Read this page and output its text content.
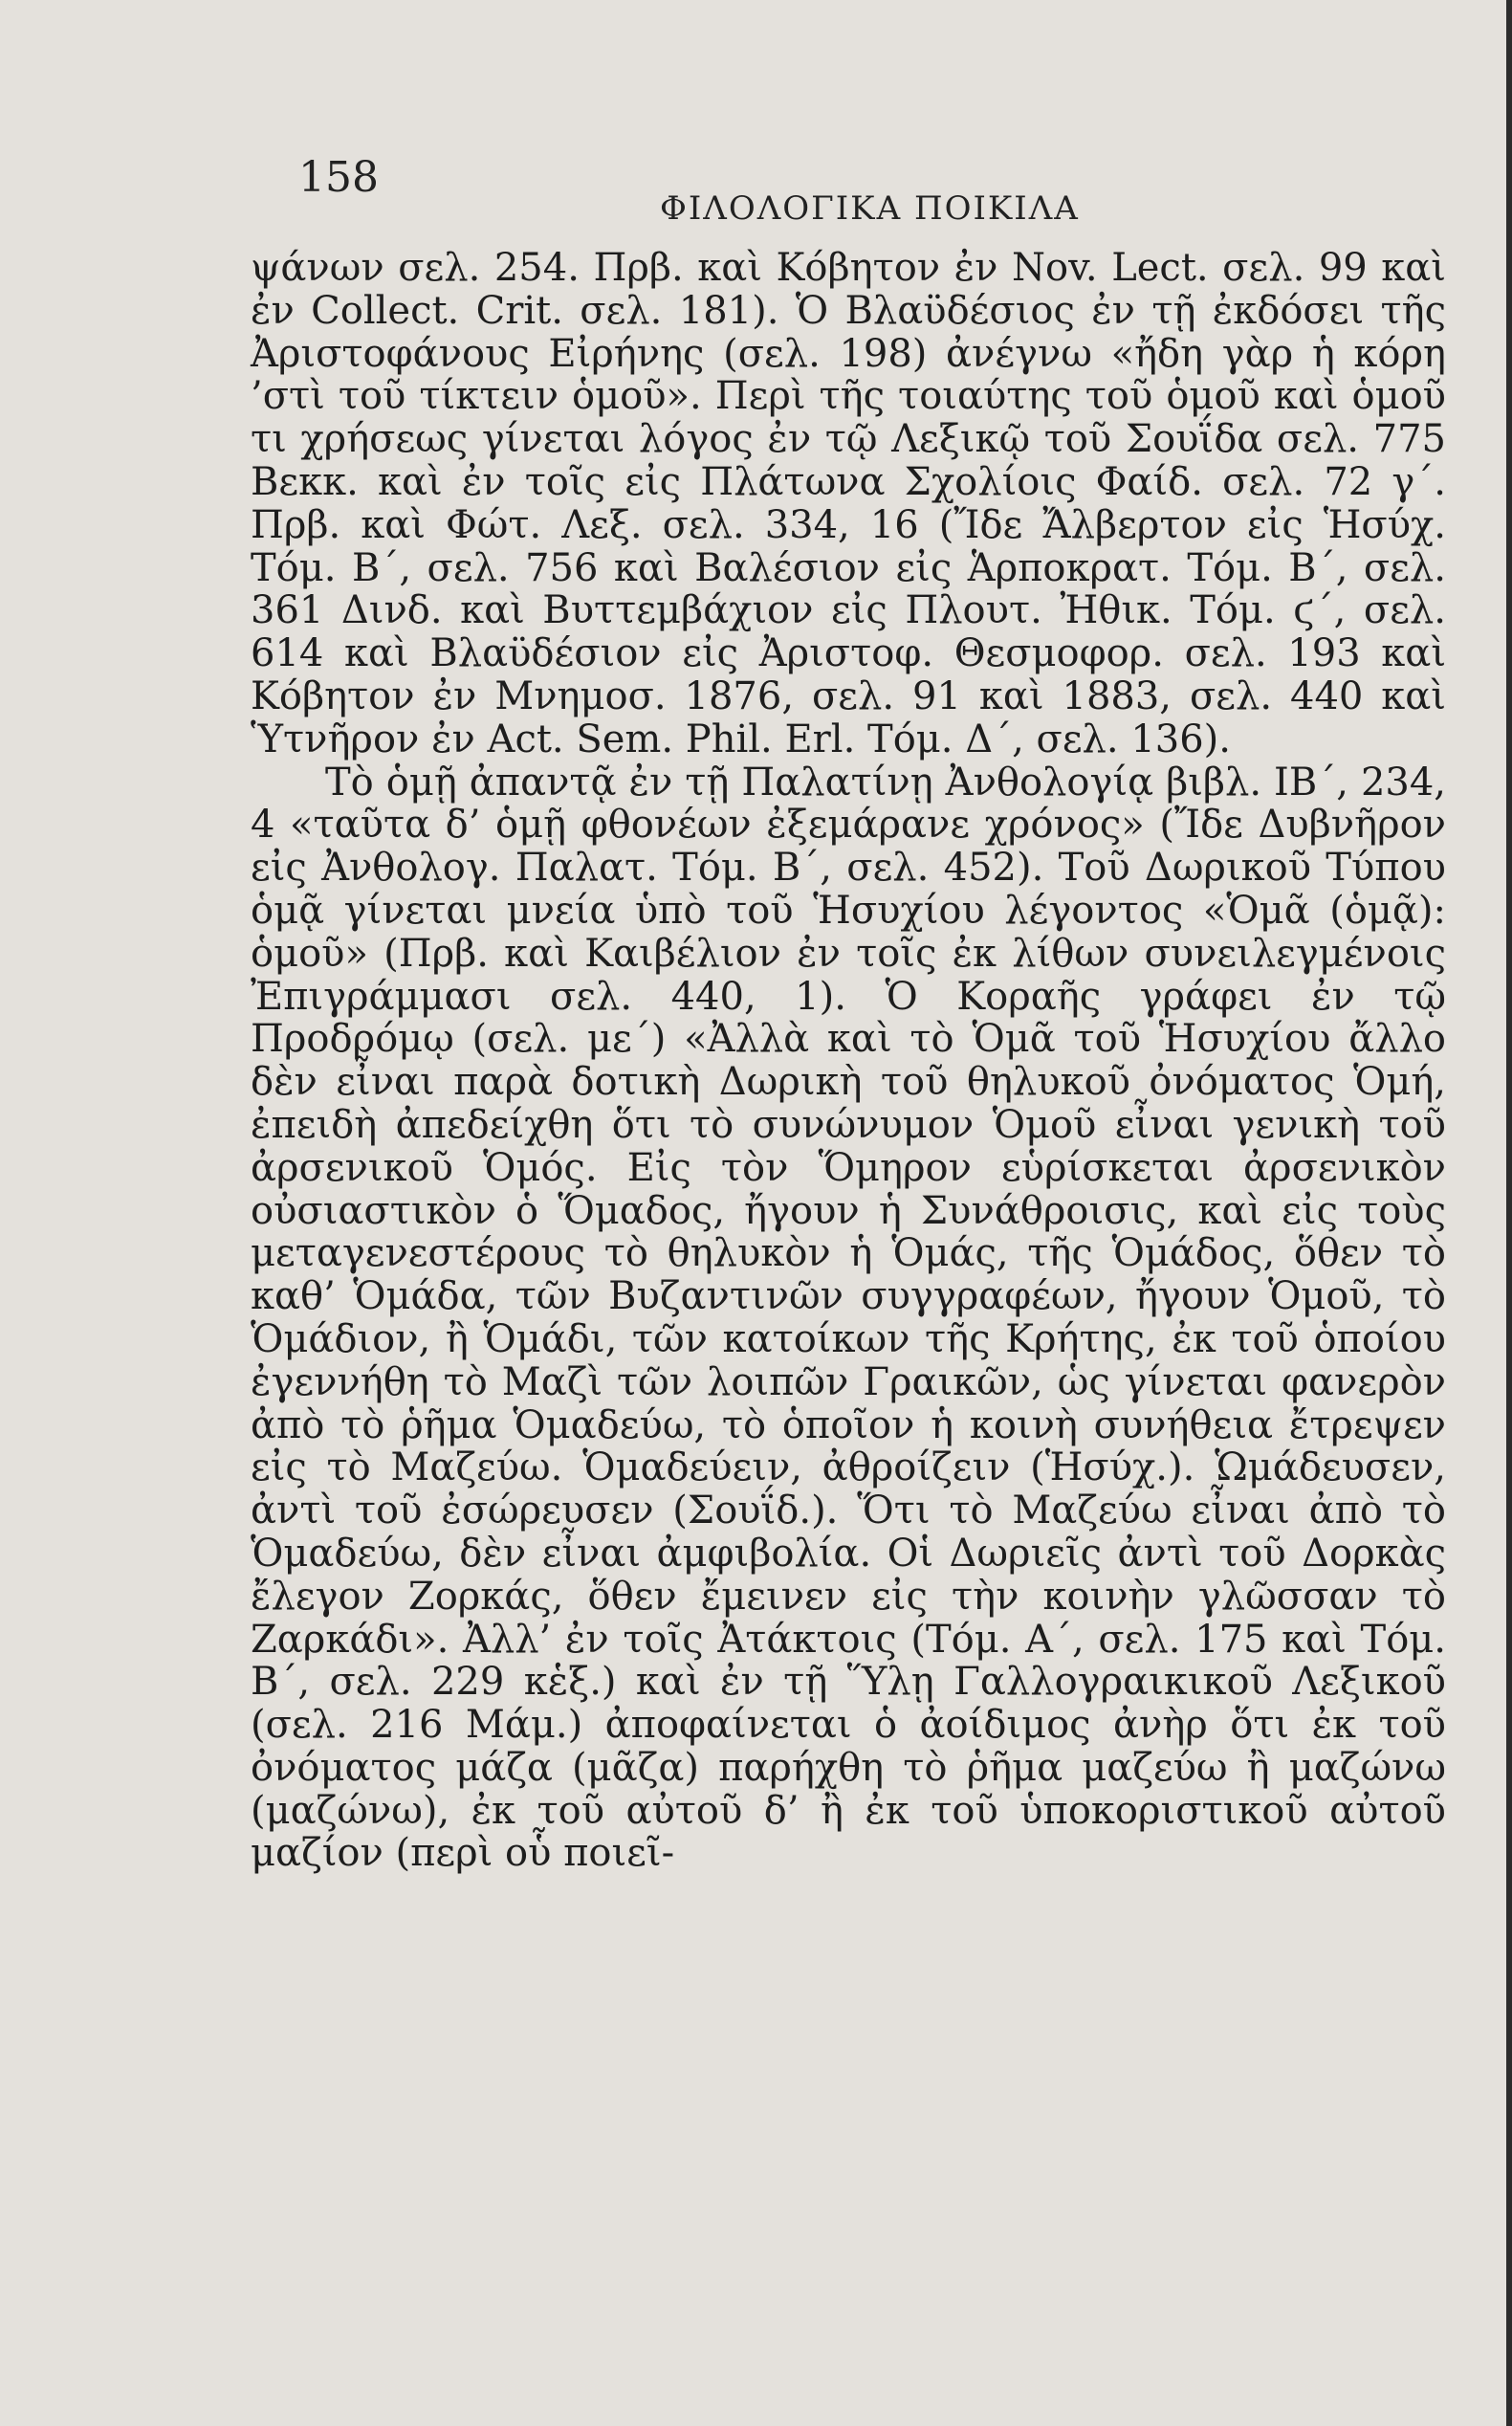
158
ΦΙΛΟΛΟΓΙΚΑ ΠΟΙΚΙΛΑ

ψάνων σελ. 254. Πρβ. καὶ Κόβητον ἐν Nov. Lect. σελ. 99 καὶ ἐν Collect. Crit. σελ. 181). Ὁ Βλαϋδέσιος ἐν τῇ ἐκδόσει τῆς Ἀριστοφάνους Εἰρήνης (σελ. 198) ἀνέγνω «ἤδη γὰρ ἡ κόρη ’στὶ τοῦ τίκτειν ὁμοῦ». Περὶ τῆς τοιαύτης τοῦ ὁμοῦ καὶ ὁμοῦ τι χρήσεως γίνεται λόγος ἐν τῷ Λεξικῷ τοῦ Σουΐδα σελ. 775 Βεκκ. καὶ ἐν τοῖς εἰς Πλάτωνα Σχολίοις Φαίδ. σελ. 72 γ΄. Πρβ. καὶ Φώτ. Λεξ. σελ. 334, 16 (Ἴδε Ἄλβερτον εἰς Ἡσύχ. Τόμ. Β΄, σελ. 756 καὶ Βαλέσιον εἰς Ἁρποκρατ. Τόμ. Β΄, σελ. 361 Δινδ. καὶ Βυττεμβάχιον εἰς Πλουτ. Ἠθικ. Τόμ. ϛ΄, σελ. 614 καὶ Βλαϋδέσιον εἰς Ἀριστοφ. Θεσμοφορ. σελ. 193 καὶ Κόβητον ἐν Μνημοσ. 1876, σελ. 91 καὶ 1883, σελ. 440 καὶ Ὑτνῆρον ἐν Act. Sem. Phil. Erl. Τόμ. Δ΄, σελ. 136).

Τὸ ὁμῇ ἀπαντᾷ ἐν τῇ Παλατίνῃ Ἀνθολογίᾳ βιβλ. ΙΒ΄, 234, 4 «ταῦτα δ’ ὁμῇ φθονέων ἐξεμάρανε χρόνος» (Ἴδε Δυβνῆρον εἰς Ἀνθολογ. Παλατ. Τόμ. Β΄, σελ. 452). Τοῦ Δωρικοῦ Τύπου ὁμᾷ γίνεται μνεία ὑπὸ τοῦ Ἡσυχίου λέγοντος «Ὁμᾶ (ὁμᾷ): ὁμοῦ» (Πρβ. καὶ Καιβέλιον ἐν τοῖς ἐκ λίθων συνειλεγμένοις Ἐπιγράμμασι σελ. 440, 1). Ὁ Κοραῆς γράφει ἐν τῷ Προδρόμῳ (σελ. με΄) «Ἀλλὰ καὶ τὸ Ὁμᾶ τοῦ Ἡσυχίου ἄλλο δὲν εἶναι παρὰ δοτικὴ Δωρικὴ τοῦ θηλυκοῦ ὀνόματος Ὁμή, ἐπειδὴ ἀπεδείχθη ὅτι τὸ συνώνυμον Ὁμοῦ εἶναι γενικὴ τοῦ ἀρσενικοῦ Ὁμός. Εἰς τὸν Ὅμηρον εὑρίσκεται ἀρσενικὸν οὐσιαστικὸν ὁ Ὅμαδος, ἤγουν ἡ Συνάθροισις, καὶ εἰς τοὺς μεταγενεστέρους τὸ θηλυκὸν ἡ Ὁμάς, τῆς Ὁμάδος, ὅθεν τὸ καθ’ Ὁμάδα, τῶν Βυζαντινῶν συγγραφέων, ἤγουν Ὁμοῦ, τὸ Ὁμάδιον, ἢ Ὁμάδι, τῶν κατοίκων τῆς Κρήτης, ἐκ τοῦ ὁποίου ἐγεννήθη τὸ Μαζὶ τῶν λοιπῶν Γραικῶν, ὡς γίνεται φανερὸν ἀπὸ τὸ ῥῆμα Ὁμαδεύω, τὸ ὁποῖον ἡ κοινὴ συνήθεια ἔτρεψεν εἰς τὸ Μαζεύω. Ὁμαδεύειν, ἀθροίζειν (Ἡσύχ.). Ὡμάδευσεν, ἀντὶ τοῦ ἐσώρευσεν (Σουΐδ.). Ὅτι τὸ Μαζεύω εἶναι ἀπὸ τὸ Ὁμαδεύω, δὲν εἶναι ἀμφιβολία. Οἱ Δωριεῖς ἀντὶ τοῦ Δορκὰς ἔλεγον Ζορκάς, ὅθεν ἔμεινεν εἰς τὴν κοινὴν γλῶσσαν τὸ Ζαρκάδι». Ἀλλ’ ἐν τοῖς Ἀτάκτοις (Τόμ. Α΄, σελ. 175 καὶ Τόμ. Β΄, σελ. 229 κἑξ.) καὶ ἐν τῇ Ὕλῃ Γαλλογραικικοῦ Λεξικοῦ (σελ. 216 Μάμ.) ἀποφαίνεται ὁ ἀοίδιμος ἀνὴρ ὅτι ἐκ τοῦ ὀνόματος μάζα (μᾶζα) παρήχθη τὸ ῥῆμα μαζεύω ἢ μαζώνω (μαζώνω), ἐκ τοῦ αὐτοῦ δ’ ἢ ἐκ τοῦ ὑποκοριστικοῦ αὐτοῦ μαζίον (περὶ οὗ ποιεῖ-
